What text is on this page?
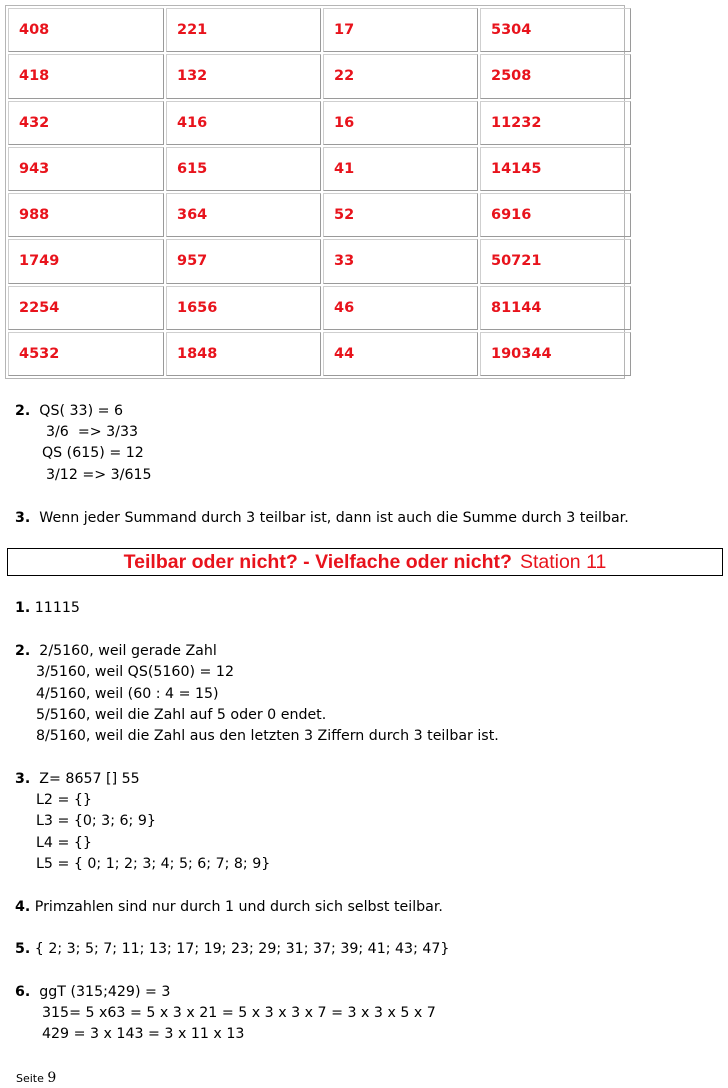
408	221	17	5304
418	132	22	2508
432	416	16	11232
943	615	41	14145
988	364	52	6916
1749	957	33	50721
2254	1656	46	81144
4532	1848	44	190344
2. QS( 33) = 6
3/6  => 3/33
QS (615) = 12
3/12 => 3/615
3. Wenn jeder Summand durch 3 teilbar ist, dann ist auch die Summe durch 3 teilbar.
Teilbar oder nicht? - Vielfache oder nicht? Station 11
1. 11115
2. 2/5160, weil gerade Zahl
3/5160, weil QS(5160) = 12
4/5160, weil (60 : 4 = 15)
5/5160, weil die Zahl auf 5 oder 0 endet.
8/5160, weil die Zahl aus den letzten 3 Ziffern durch 3 teilbar ist.
3. Z= 8657 [] 55
L2 = {}
L3 = {0; 3; 6; 9}
L4 = {}
L5 = { 0; 1; 2; 3; 4; 5; 6; 7; 8; 9}
4. Primzahlen sind nur durch 1 und durch sich selbst teilbar.
5. { 2; 3; 5; 7; 11; 13; 17; 19; 23; 29; 31; 37; 39; 41; 43; 47}
6. ggT (315;429) = 3
315= 5 x63 = 5 x 3 x 21 = 5 x 3 x 3 x 7 = 3 x 3 x 5 x 7
429 = 3 x 143 = 3 x 11 x 13
Seite 9
